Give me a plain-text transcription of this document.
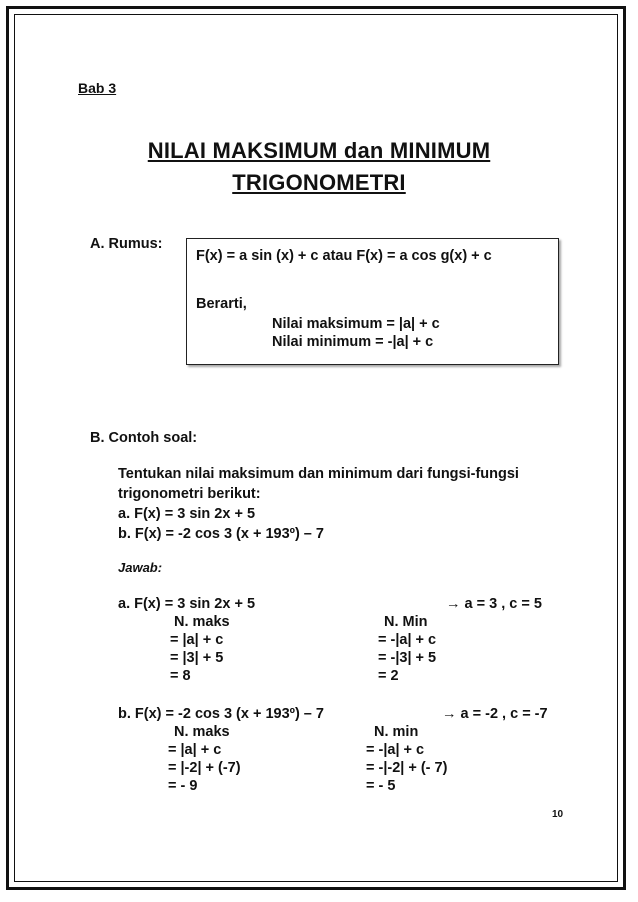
Bab 3
NILAI MAKSIMUM dan MINIMUM
TRIGONOMETRI
A. Rumus:
F(x) = a sin (x) + c atau F(x) = a cos g(x) + c
Berarti,
Nilai maksimum = |a| + c
Nilai minimum = -|a| + c
B. Contoh soal:
Tentukan nilai maksimum dan minimum dari fungsi-fungsi
trigonometri berikut:
a. F(x) = 3 sin 2x + 5
b. F(x) = -2 cos 3 (x + 193º) – 7
Jawab:
a. F(x) = 3 sin 2x + 5	→ a = 3 , c = 5
N. maks
= |a| + c
= |3| + 5
= 8
N. Min
= -|a| + c
= -|3| + 5
= 2
b. F(x) = -2 cos 3 (x + 193º) – 7	→ a = -2 , c = -7
N. maks
= |a| + c
= |-2| + (-7)
= - 9
N. min
= -|a| + c
= -|-2| + (- 7)
= - 5
10
